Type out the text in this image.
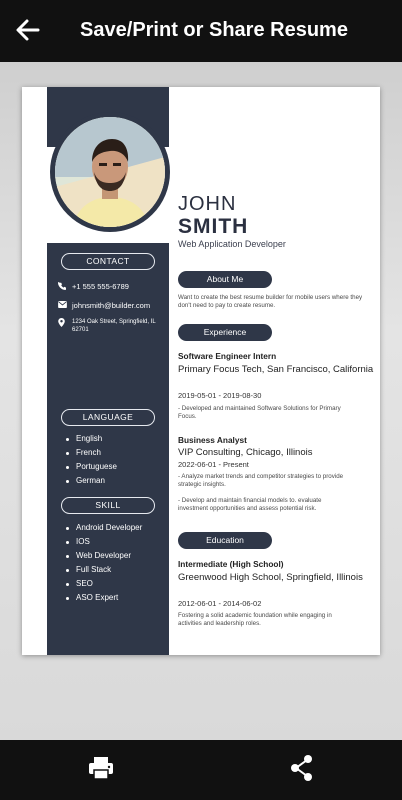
Save/Print or Share Resume
CONTACT
+1 555 555-6789
johnsmith@builder.com
1234 Oak Street, Springfield, IL
62701
LANGUAGE
English
French
Portuguese
German
SKILL
Android Developer
IOS
Web Developer
Full Stack
SEO
ASO Expert
JOHN
SMITH
Web Application Developer
About Me
Want to create the best resume builder for mobile users where they
don't need to pay to create resume.
Experience
Software Engineer Intern
Primary Focus Tech, San Francisco, California
2019-05-01 - 2019-08-30
- Developed and maintained Software Solutions for Primary
Focus.
Business Analyst
VIP Consulting, Chicago, Illinois
2022-06-01 - Present
- Analyze market trends and competitor strategies to provide
strategic insights.
- Develop and maintain financial models to. evaluate
investment opportunities and assess potential risk.
Education
Intermediate (High School)
Greenwood High School, Springfield, Illinois
2012-06-01 - 2014-06-02
Fostering a solid academic foundation while engaging in
activities and leadership roles.
